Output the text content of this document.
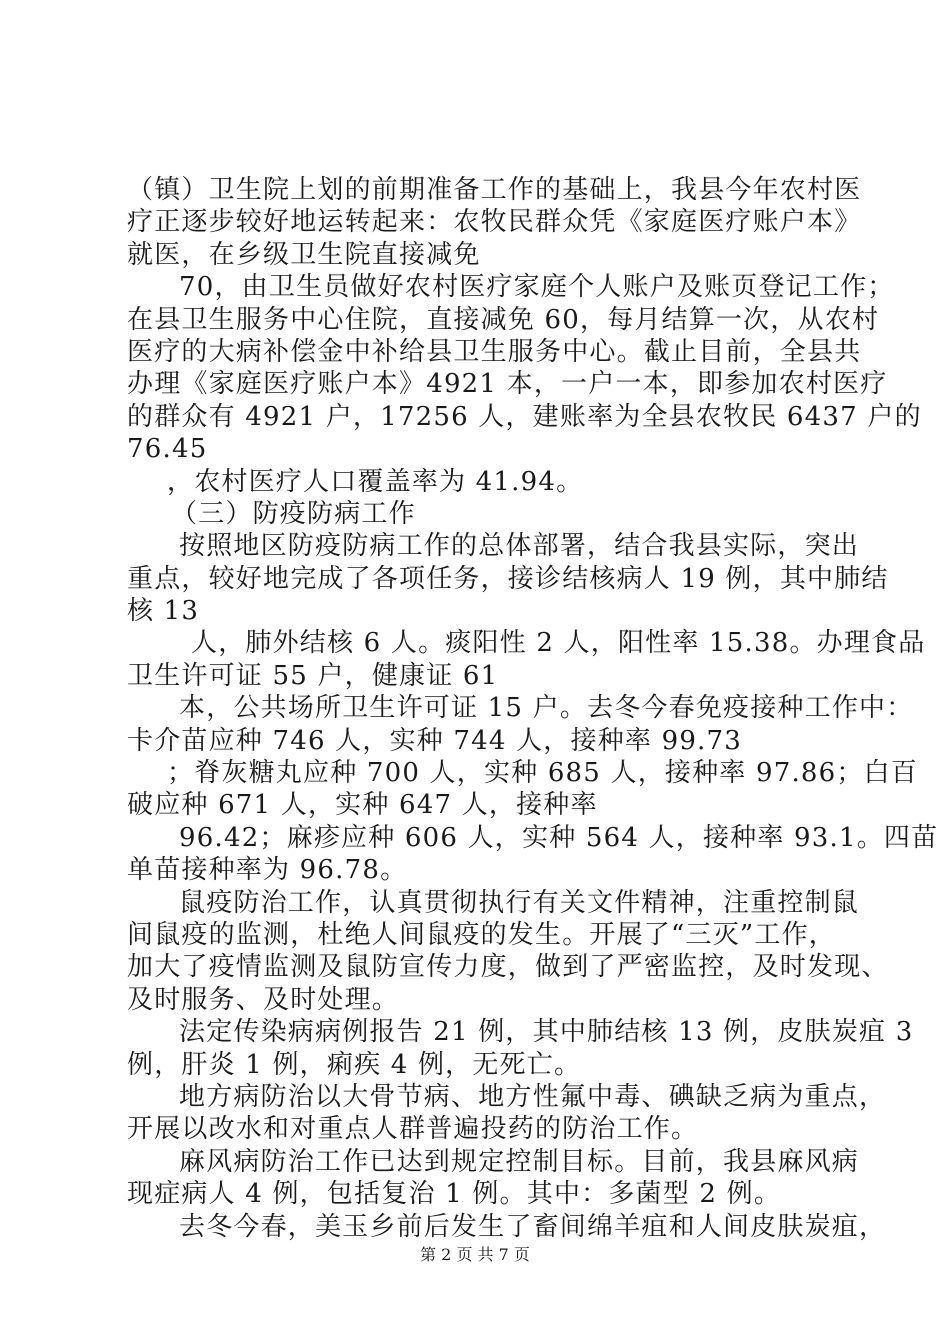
（镇）卫生院上划的前期准备工作的基础上，我县今年农村医
疗正逐步较好地运转起来：农牧民群众凭《家庭医疗账户本》
就医，在乡级卫生院直接减免
70，由卫生员做好农村医疗家庭个人账户及账页登记工作；
在县卫生服务中心住院，直接减免 60，每月结算一次，从农村
医疗的大病补偿金中补给县卫生服务中心。截止目前，全县共
办理《家庭医疗账户本》4921 本，一户一本，即参加农村医疗
的群众有 4921 户，17256 人，建账率为全县农牧民 6437 户的
76.45
，农村医疗人口覆盖率为 41.94。
（三）防疫防病工作
按照地区防疫防病工作的总体部署，结合我县实际，突出
重点，较好地完成了各项任务，接诊结核病人 19 例，其中肺结
核 13
人，肺外结核 6 人。痰阳性 2 人，阳性率 15.38。办理食品
卫生许可证 55 户，健康证 61
本，公共场所卫生许可证 15 户。去冬今春免疫接种工作中：
卡介苗应种 746 人，实种 744 人，接种率 99.73
；脊灰糖丸应种 700 人，实种 685 人，接种率 97.86；白百
破应种 671 人，实种 647 人，接种率
96.42；麻疹应种 606 人，实种 564 人，接种率 93.1。四苗
单苗接种率为 96.78。
鼠疫防治工作，认真贯彻执行有关文件精神，注重控制鼠
间鼠疫的监测，杜绝人间鼠疫的发生。开展了“三灭”工作，
加大了疫情监测及鼠防宣传力度，做到了严密监控，及时发现、
及时服务、及时处理。
法定传染病病例报告 21 例，其中肺结核 13 例，皮肤炭疽 3
例，肝炎 1 例，痢疾 4 例，无死亡。
地方病防治以大骨节病、地方性氟中毒、碘缺乏病为重点，
开展以改水和对重点人群普遍投药的防治工作。
麻风病防治工作已达到规定控制目标。目前，我县麻风病
现症病人 4 例，包括复治 1 例。其中：多菌型 2 例。
去冬今春，美玉乡前后发生了畜间绵羊疽和人间皮肤炭疽，
第 2 页 共 7 页
